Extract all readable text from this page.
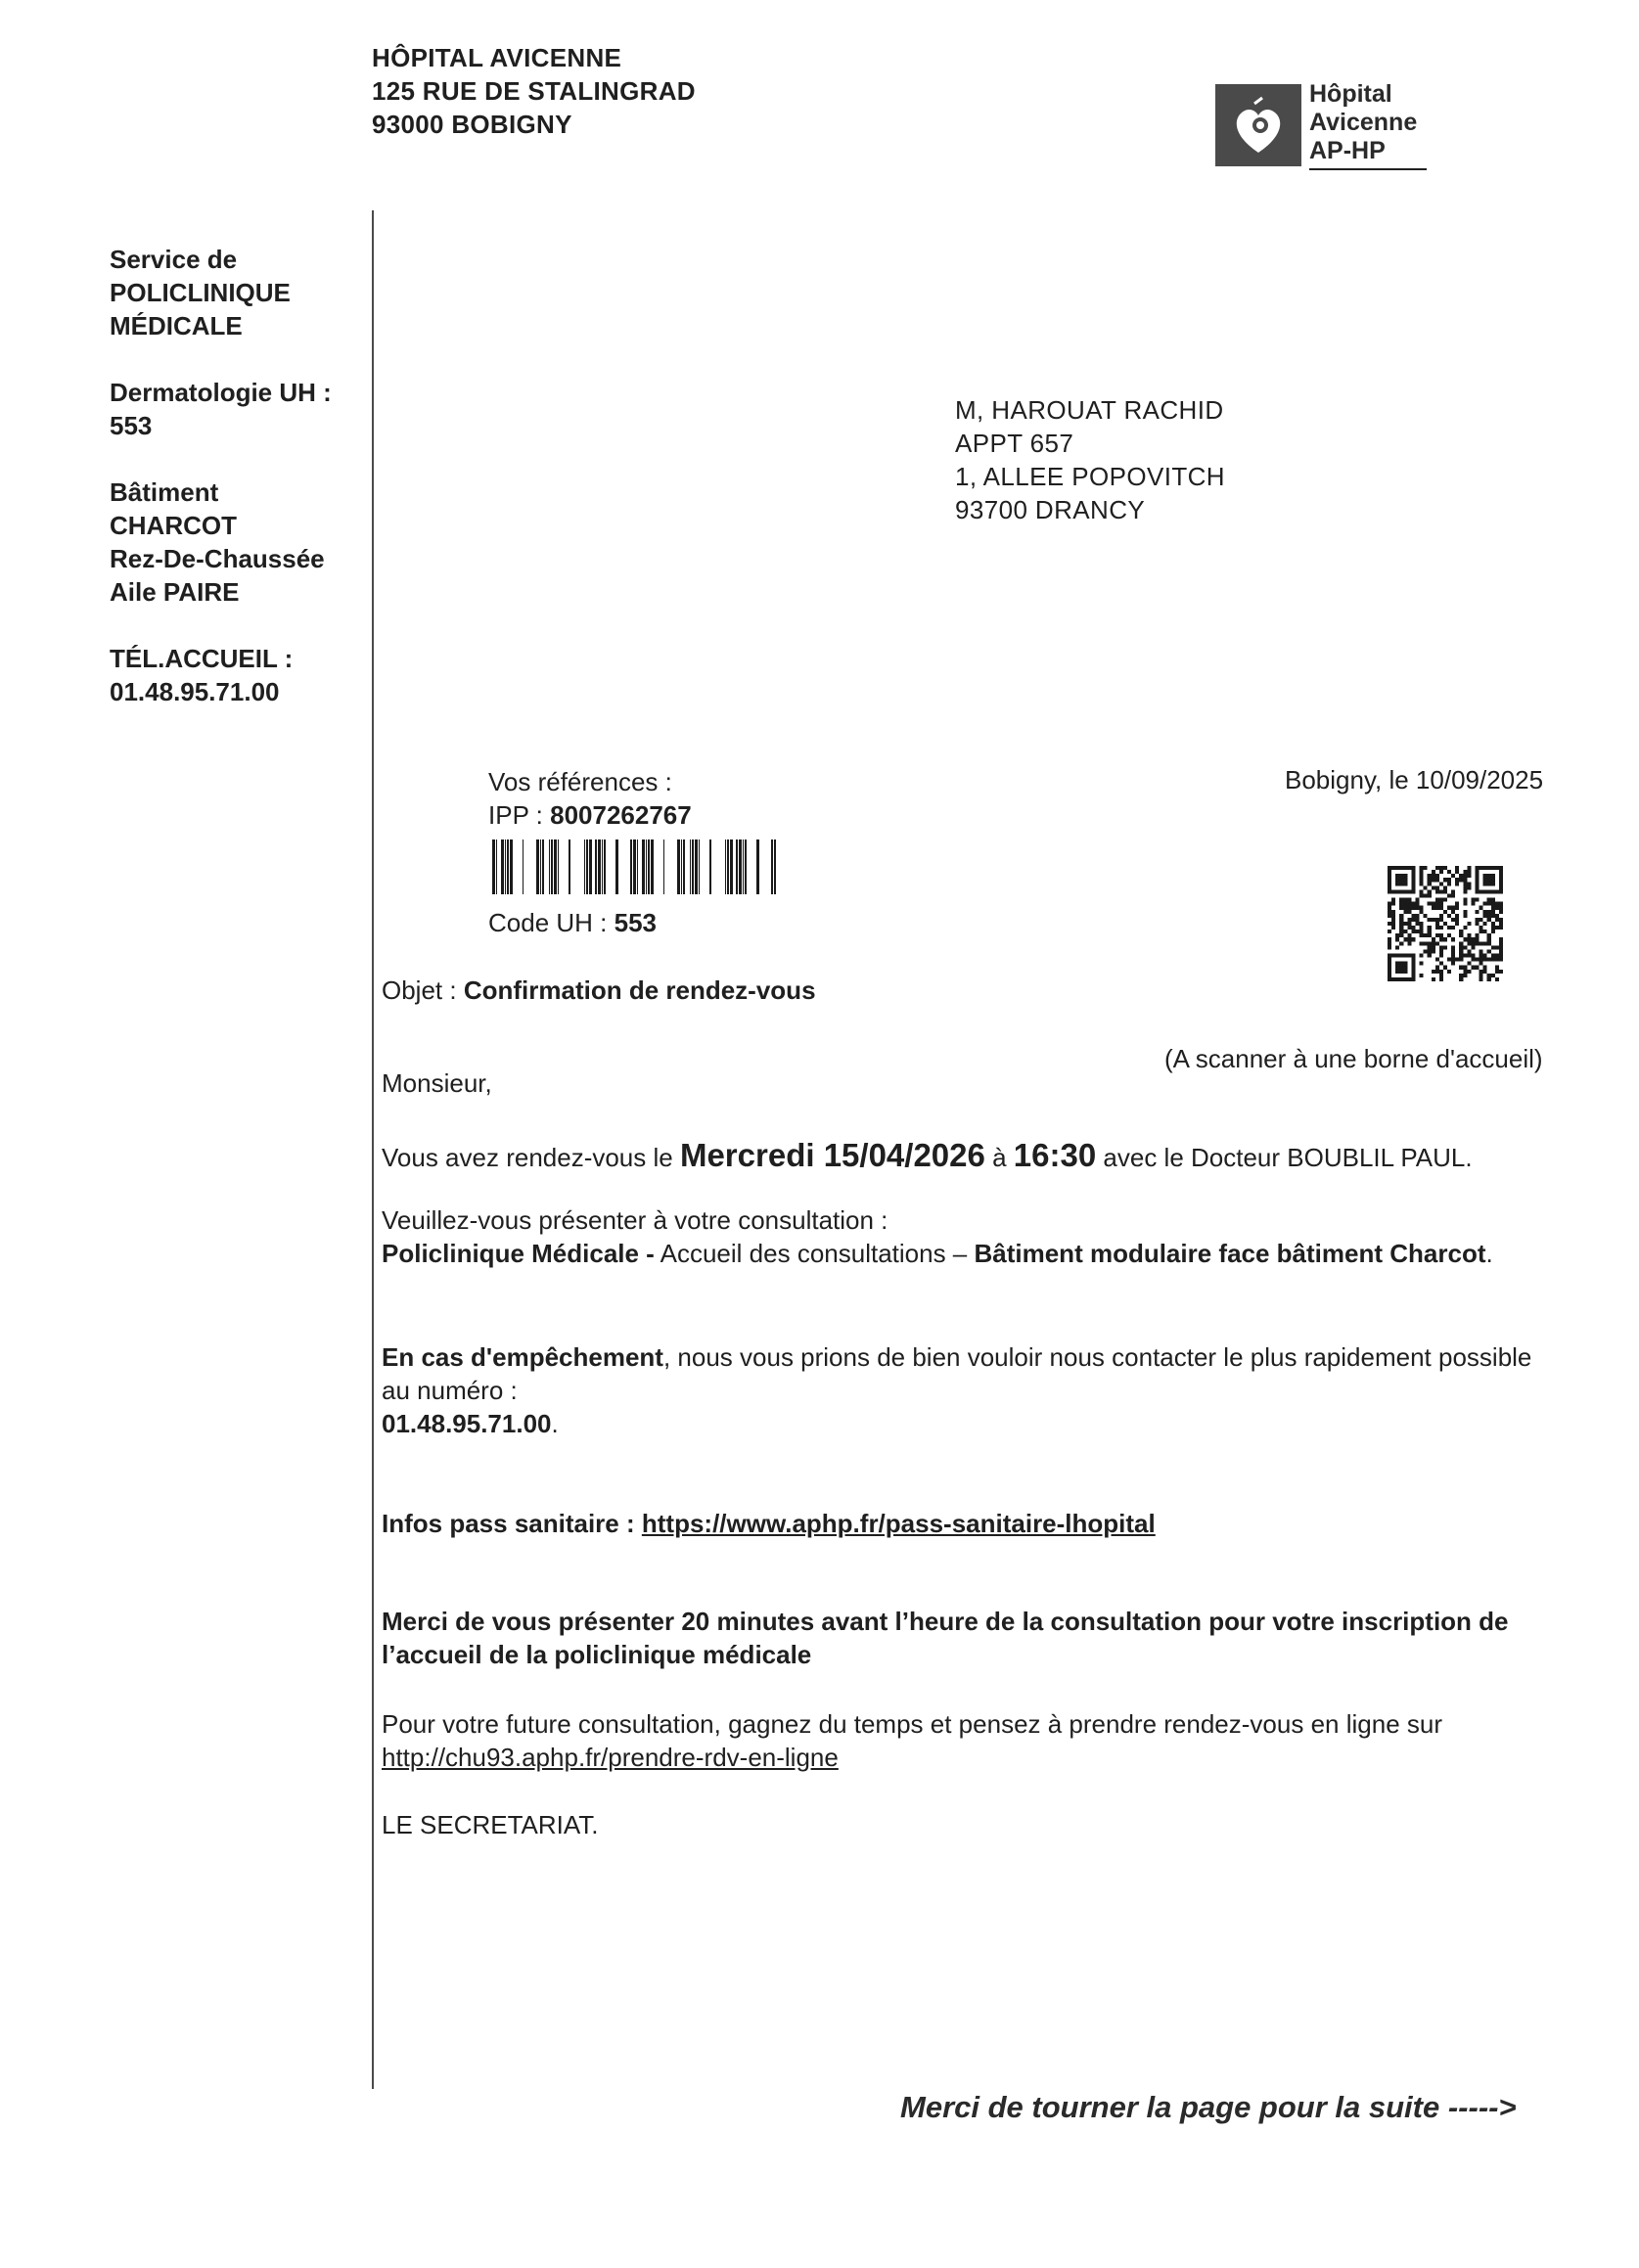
HÔPITAL AVICENNE
125 RUE DE STALINGRAD
93000 BOBIGNY
Hôpital
Avicenne
AP-HP
Service de
POLICLINIQUE
MÉDICALE
Dermatologie UH :
553
Bâtiment
CHARCOT
Rez-De-Chaussée
Aile PAIRE
TÉL.ACCUEIL :
01.48.95.71.00
M, HAROUAT RACHID
APPT 657
1, ALLEE POPOVITCH
93700 DRANCY
Vos références :
IPP : 8007262767
Code UH : 553
Bobigny, le 10/09/2025
(A scanner à une borne d'accueil)
Objet : Confirmation de rendez-vous
Monsieur,
Vous avez rendez-vous le Mercredi 15/04/2026 à 16:30 avec le Docteur BOUBLIL PAUL.
Veuillez-vous présenter à votre consultation :
Policlinique Médicale - Accueil des consultations – Bâtiment modulaire face bâtiment Charcot.
En cas d'empêchement, nous vous prions de bien vouloir nous contacter le plus rapidement possible au numéro :
01.48.95.71.00.
Infos pass sanitaire : https://www.aphp.fr/pass-sanitaire-lhopital
Merci de vous présenter 20 minutes avant l’heure de la consultation pour votre inscription de l’accueil de la policlinique médicale
Pour votre future consultation, gagnez du temps et pensez à prendre rendez-vous en ligne sur
http://chu93.aphp.fr/prendre-rdv-en-ligne
LE SECRETARIAT.
Merci de tourner la page pour la suite ----->
